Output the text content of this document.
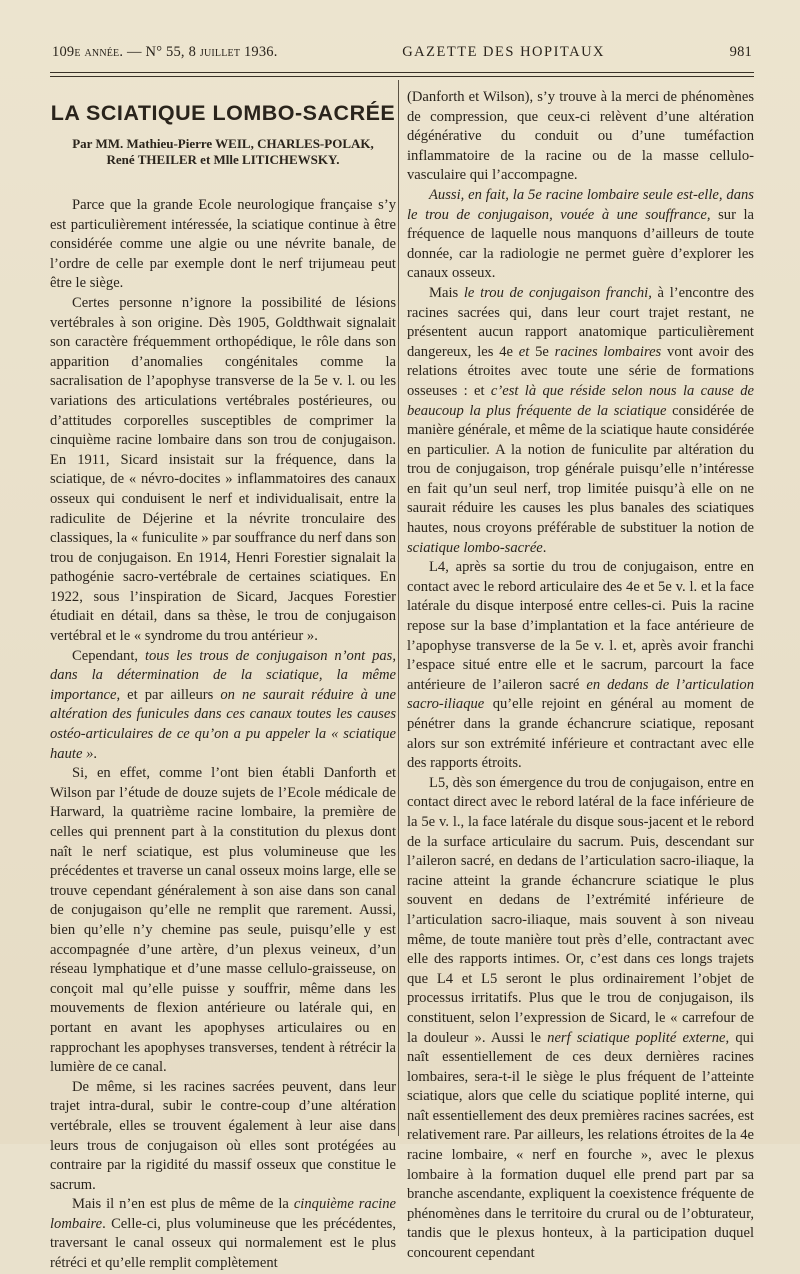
109e année. — N° 55, 8 juillet 1936.	GAZETTE DES HOPITAUX	981
LA SCIATIQUE LOMBO-SACRÉE
Par MM. Mathieu-Pierre WEIL, CHARLES-POLAK,
René THEILER et Mlle LITICHEWSKY.

Parce que la grande Ecole neurologique française s’y est particulièrement intéressée, la sciatique continue à être considérée comme une algie ou une névrite banale, de l’ordre de celle par exemple dont le nerf trijumeau peut être le siège.

Certes personne n’ignore la possibilité de lésions vertébrales à son origine. Dès 1905, Goldthwait signalait son caractère fréquemment orthopédique, le rôle dans son apparition d’anomalies congénitales comme la sacralisation de l’apophyse transverse de la 5e v. l. ou les variations des articulations vertébrales postérieures, ou d’attitudes corporelles susceptibles de comprimer la cinquième racine lombaire dans son trou de conjugaison. En 1911, Sicard insistait sur la fréquence, dans la sciatique, de « névro-docites » inflammatoires des canaux osseux qui conduisent le nerf et individualisait, entre la radiculite de Déjerine et la névrite tronculaire des classiques, la « funiculite » par souffrance du nerf dans son trou de conjugaison. En 1914, Henri Forestier signalait la pathogénie sacro-vertébrale de certaines sciatiques. En 1922, sous l’inspiration de Sicard, Jacques Forestier étudiait en détail, dans sa thèse, le trou de conjugaison vertébral et le « syndrome du trou antérieur ».

Cependant, tous les trous de conjugaison n’ont pas, dans la détermination de la sciatique, la même importance, et par ailleurs on ne saurait réduire à une altération des funicules dans ces canaux toutes les causes ostéo-articulaires de ce qu’on a pu appeler la « sciatique haute ».

Si, en effet, comme l’ont bien établi Danforth et Wilson par l’étude de douze sujets de l’Ecole médicale de Harward, la quatrième racine lombaire, la première de celles qui prennent part à la constitution du plexus dont naît le nerf sciatique, est plus volumineuse que les précédentes et traverse un canal osseux moins large, elle se trouve cependant généralement à son aise dans son canal de conjugaison qu’elle ne remplit que rarement. Aussi, bien qu’elle n’y chemine pas seule, puisqu’elle y est accompagnée d’une artère, d’un plexus veineux, d’un réseau lymphatique et d’une masse cellulo-graisseuse, on conçoit mal qu’elle puisse y souffrir, même dans les mouvements de flexion antérieure ou latérale qui, en portant en avant les apophyses articulaires ou en rapprochant les apophyses transverses, tendent à rétrécir la lumière de ce canal.

De même, si les racines sacrées peuvent, dans leur trajet intra-dural, subir le contre-coup d’une altération vertébrale, elles se trouvent également à leur aise dans leurs trous de conjugaison où elles sont protégées au contraire par la rigidité du massif osseux que constitue le sacrum.

Mais il n’en est plus de même de la cinquième racine lombaire. Celle-ci, plus volumineuse que les précédentes, traversant le canal osseux qui normalement est le plus rétréci et qu’elle remplit complètement

(Danforth et Wilson), s’y trouve à la merci de phénomènes de compression, que ceux-ci relèvent d’une altération dégénérative du conduit ou d’une tuméfaction inflammatoire de la racine ou de la masse cellulo-vasculaire qui l’accompagne.

Aussi, en fait, la 5e racine lombaire seule est-elle, dans le trou de conjugaison, vouée à une souffrance, sur la fréquence de laquelle nous manquons d’ailleurs de toute donnée, car la radiologie ne permet guère d’explorer les canaux osseux.

Mais le trou de conjugaison franchi, à l’encontre des racines sacrées qui, dans leur court trajet restant, ne présentent aucun rapport anatomique particulièrement dangereux, les 4e et 5e racines lombaires vont avoir des relations étroites avec toute une série de formations osseuses : et c’est là que réside selon nous la cause de beaucoup la plus fréquente de la sciatique considérée de manière générale, et même de la sciatique haute considérée en particulier. A la notion de funiculite par altération du trou de conjugaison, trop générale puisqu’elle n’intéresse en fait qu’un seul nerf, trop limitée puisqu’à elle on ne saurait réduire les causes les plus banales des sciatiques hautes, nous croyons préférable de substituer la notion de sciatique lombo-sacrée.

L4, après sa sortie du trou de conjugaison, entre en contact avec le rebord articulaire des 4e et 5e v. l. et la face latérale du disque interposé entre celles-ci. Puis la racine repose sur la base d’implantation et la face antérieure de l’apophyse transverse de la 5e v. l. et, après avoir franchi l’espace situé entre elle et le sacrum, parcourt la face antérieure de l’aileron sacré en dedans de l’articulation sacro-iliaque qu’elle rejoint en général au moment de pénétrer dans la grande échancrure sciatique, reposant alors sur son extrémité inférieure et contractant avec elle des rapports étroits.

L5, dès son émergence du trou de conjugaison, entre en contact direct avec le rebord latéral de la face inférieure de la 5e v. l., la face latérale du disque sous-jacent et le rebord de la surface articulaire du sacrum. Puis, descendant sur l’aileron sacré, en dedans de l’articulation sacro-iliaque, la racine atteint la grande échancrure sciatique le plus souvent en dedans de l’extrémité inférieure de l’articulation sacro-iliaque, mais souvent à son niveau même, de toute manière tout près d’elle, contractant avec elle des rapports intimes. Or, c’est dans ces longs trajets que L4 et L5 seront le plus ordinairement l’objet de processus irritatifs. Plus que le trou de conjugaison, ils constituent, selon l’expression de Sicard, le « carrefour de la douleur ». Aussi le nerf sciatique poplité externe, qui naît essentiellement de ces deux dernières racines lombaires, sera-t-il le siège le plus fréquent de l’atteinte sciatique, alors que celle du sciatique poplité interne, qui naît essentiellement des deux premières racines sacrées, est relativement rare. Par ailleurs, les relations étroites de la 4e racine lombaire, « nerf en fourche », avec le plexus lombaire à la formation duquel elle prend part par sa branche ascendante, expliquent la coexistence fréquente de phénomènes dans le territoire du crural ou de l’obturateur, tandis que le plexus honteux, à la participation duquel concourent cependant
